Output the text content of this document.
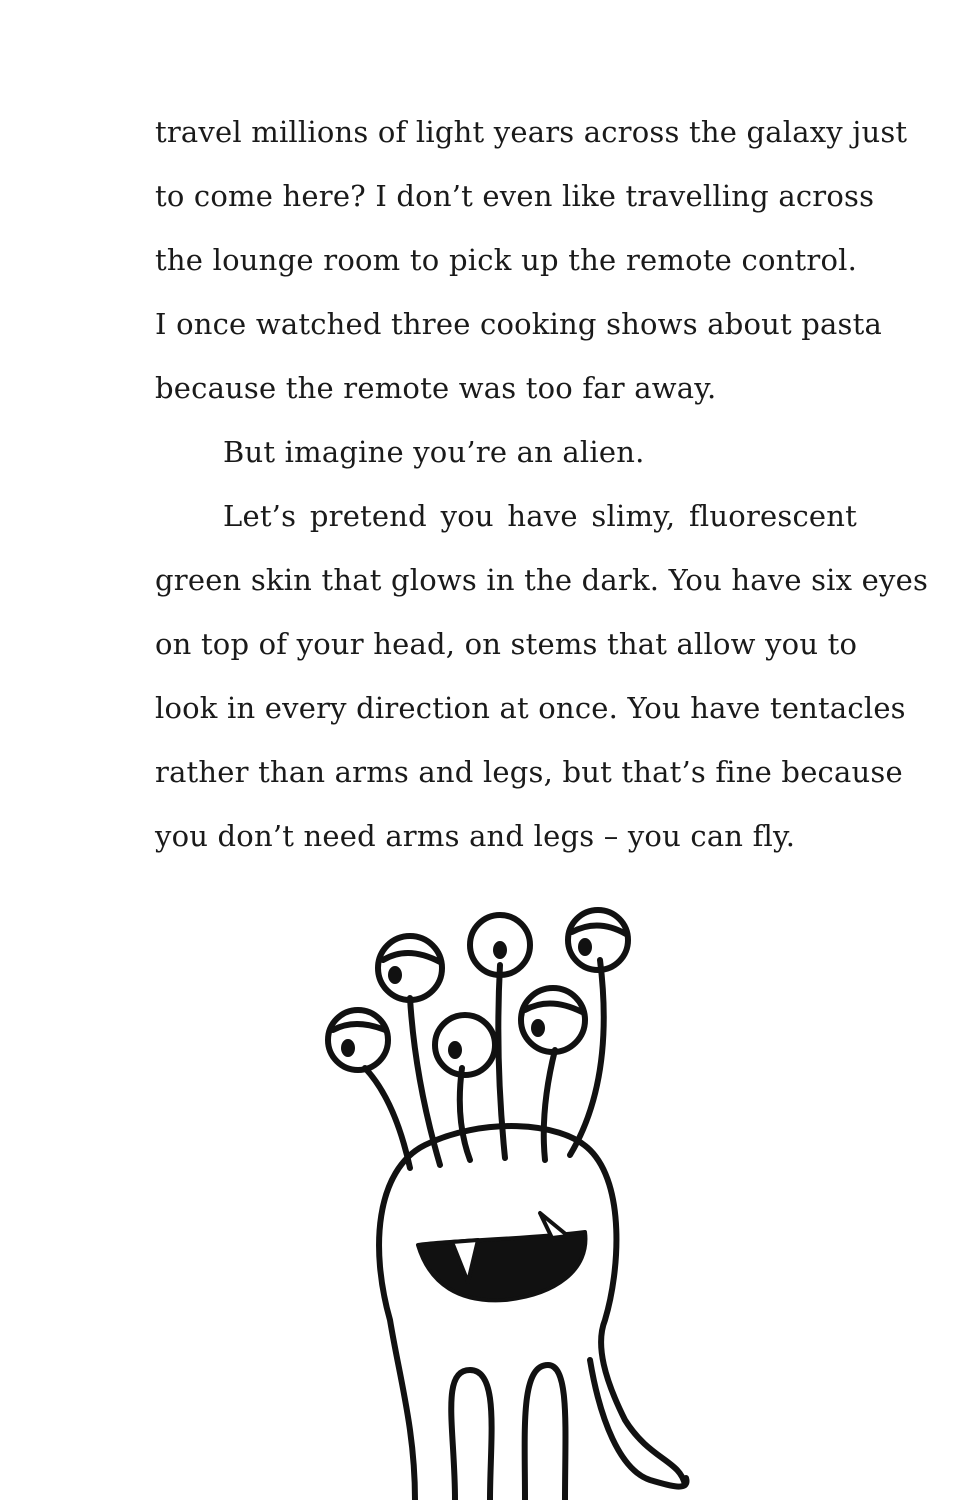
travel millions of light years across the galaxy just
to come here? I don’t even like travelling across
the lounge room to pick up the remote control.
I once watched three cooking shows about pasta
because the remote was too far away.
But imagine you’re an alien.
Let’s pretend you have slimy, fluorescent
green skin that glows in the dark. You have six eyes
on top of your head, on stems that allow you to
look in every direction at once. You have tentacles
rather than arms and legs, but that’s fine because
you don’t need arms and legs – you can fly.
